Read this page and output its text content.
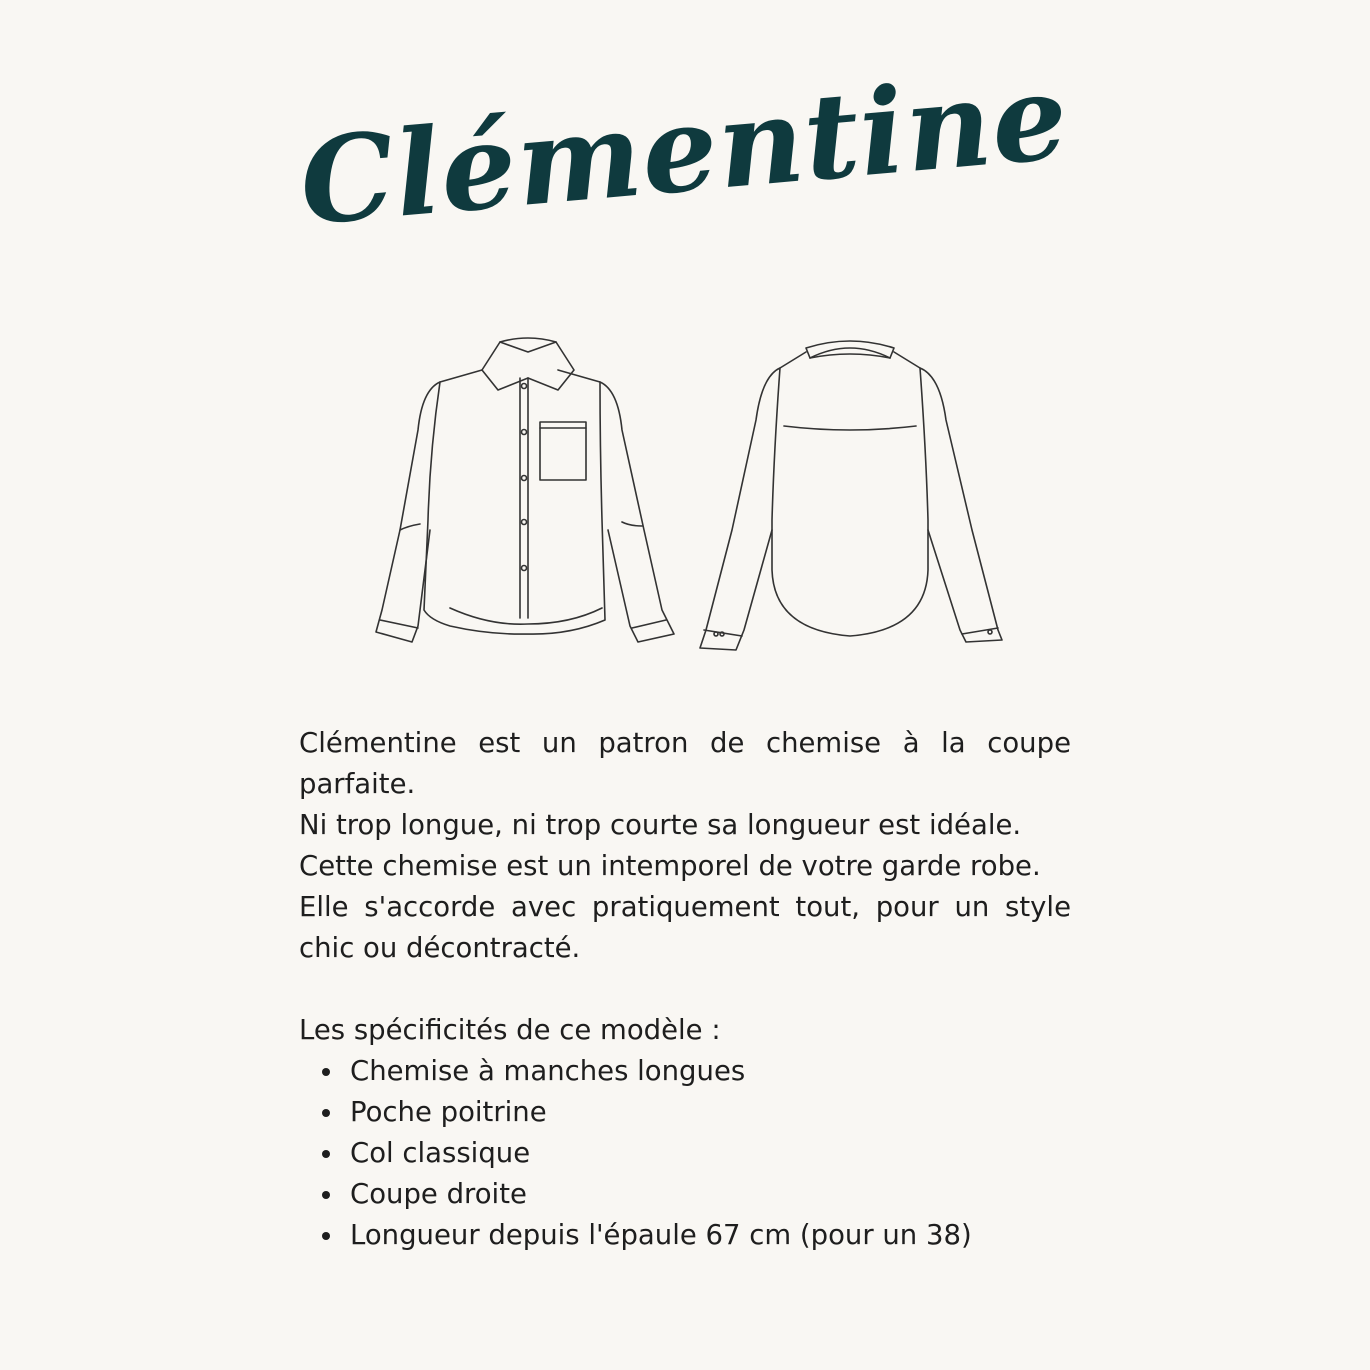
Clémentine

Clémentine est un patron de chemise à la coupe parfaite.

Ni trop longue, ni trop courte sa longueur est idéale.

Cette chemise est un intemporel de votre garde robe.

Elle s'accorde avec pratiquement tout, pour un style chic ou décontracté.

Les spécificités de ce modèle :

Chemise à manches longues
Poche poitrine
Col classique
Coupe droite
Longueur depuis l'épaule 67 cm (pour un 38)
